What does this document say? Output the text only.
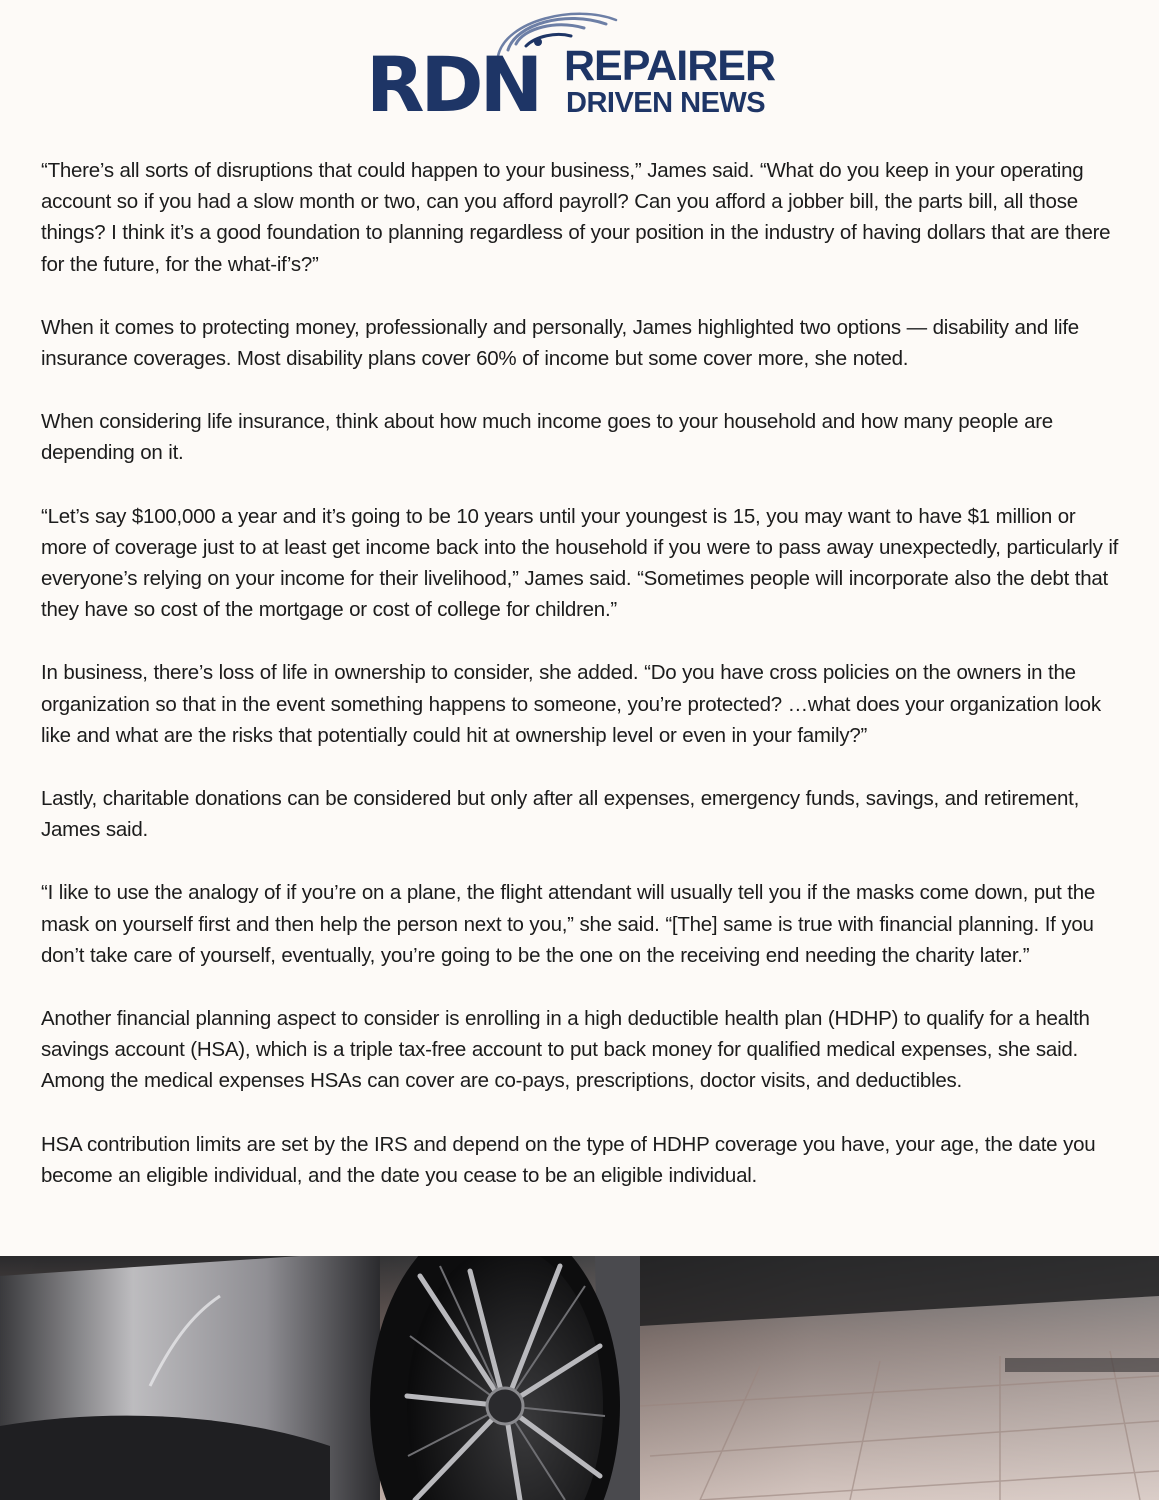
RDN REPAIRER
DRIVEN NEWS

“There’s all sorts of disruptions that could happen to your business,” James said. “What do you keep in your operating account so if you had a slow month or two, can you afford payroll? Can you afford a jobber bill, the parts bill, all those things? I think it’s a good foundation to planning regardless of your position in the industry of having dollars that are there for the future, for the what-if’s?”

When it comes to protecting money, professionally and personally, James highlighted two options — disability and life insurance coverages. Most disability plans cover 60% of income but some cover more, she noted.

When considering life insurance, think about how much income goes to your household and how many people are depending on it.

“Let’s say $100,000 a year and it’s going to be 10 years until your youngest is 15, you may want to have $1 million or more of coverage just to at least get income back into the household if you were to pass away unexpectedly, particularly if everyone’s relying on your income for their livelihood,” James said. “Sometimes people will incorporate also the debt that they have so cost of the mortgage or cost of college for children.”

In business, there’s loss of life in ownership to consider, she added. “Do you have cross policies on the owners in the organization so that in the event something happens to someone, you’re protected? …what does your organization look like and what are the risks that potentially could hit at ownership level or even in your family?”

Lastly, charitable donations can be considered but only after all expenses, emergency funds, savings, and retirement, James said.

“I like to use the analogy of if you’re on a plane, the flight attendant will usually tell you if the masks come down, put the mask on yourself first and then help the person next to you,” she said. “[The] same is true with financial planning. If you don’t take care of yourself, eventually, you’re going to be the one on the receiving end needing the charity later.”

Another financial planning aspect to consider is enrolling in a high deductible health plan (HDHP) to qualify for a health savings account (HSA), which is a triple tax-free account to put back money for qualified medical expenses, she said. Among the medical expenses HSAs can cover are co-pays, prescriptions, doctor visits, and deductibles.

HSA contribution limits are set by the IRS and depend on the type of HDHP coverage you have, your age, the date you become an eligible individual, and the date you cease to be an eligible individual.
